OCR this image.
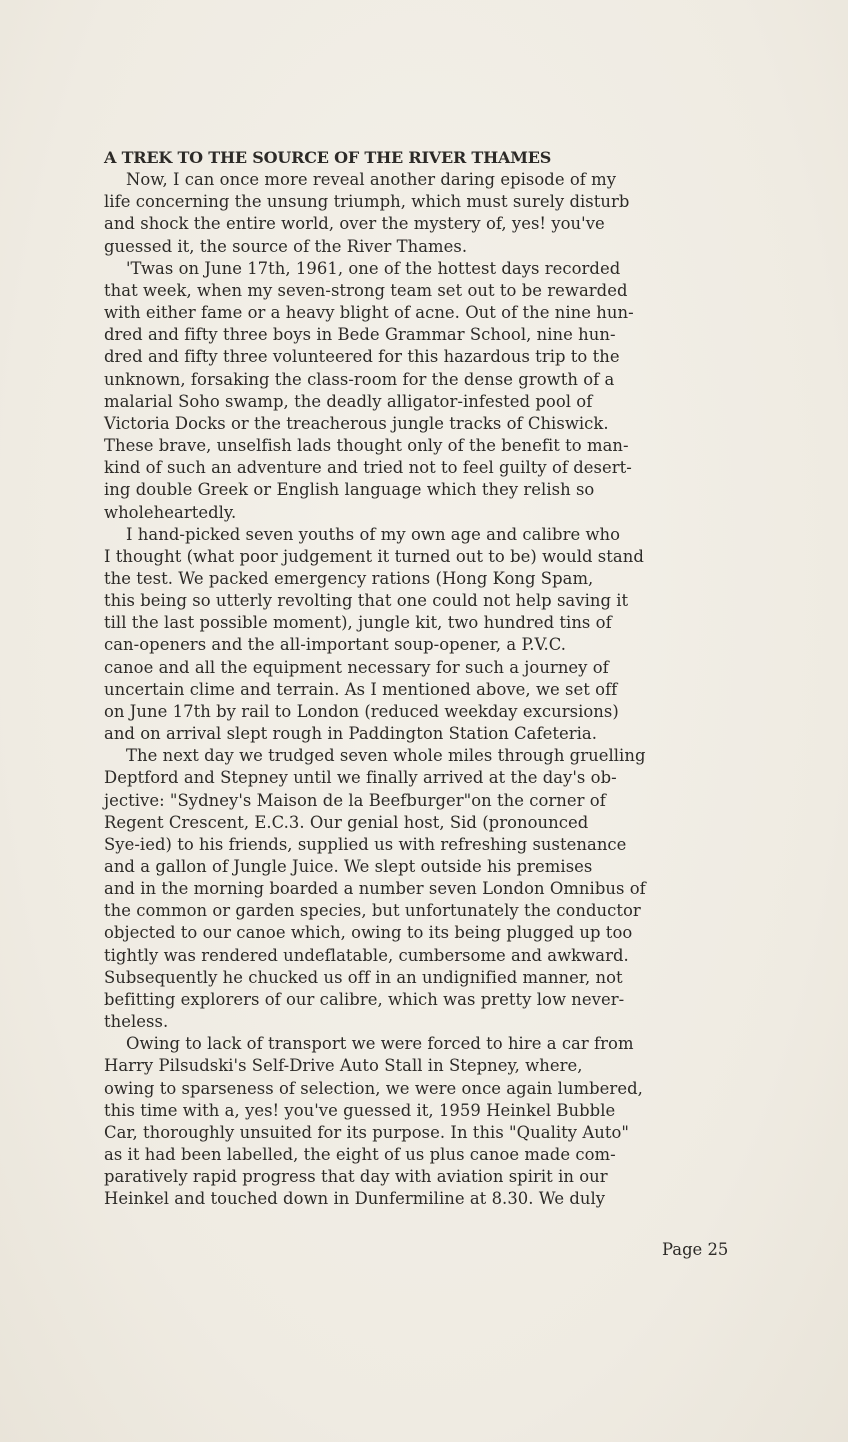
A TREK TO THE SOURCE OF THE RIVER THAMES

Now, I can once more reveal another daring episode of my
life concerning the unsung triumph, which must surely disturb
and shock the entire world, over the mystery of, yes! you've
guessed it, the source of the River Thames.
'Twas on June 17th, 1961, one of the hottest days recorded
that week, when my seven-strong team set out to be rewarded
with either fame or a heavy blight of acne. Out of the nine hun-
dred and fifty three boys in Bede Grammar School, nine hun-
dred and fifty three volunteered for this hazardous trip to the
unknown, forsaking the class-room for the dense growth of a
malarial Soho swamp, the deadly alligator-infested pool of
Victoria Docks or the treacherous jungle tracks of Chiswick.
These brave, unselfish lads thought only of the benefit to man-
kind of such an adventure and tried not to feel guilty of desert-
ing double Greek or English language which they relish so
wholeheartedly.
I hand-picked seven youths of my own age and calibre who
I thought (what poor judgement it turned out to be) would stand
the test. We packed emergency rations (Hong Kong Spam,
this being so utterly revolting that one could not help saving it
till the last possible moment), jungle kit, two hundred tins of
can-openers and the all-important soup-opener, a P.V.C.
canoe and all the equipment necessary for such a journey of
uncertain clime and terrain. As I mentioned above, we set off
on June 17th by rail to London (reduced weekday excursions)
and on arrival slept rough in Paddington Station Cafeteria.
The next day we trudged seven whole miles through gruelling
Deptford and Stepney until we finally arrived at the day's ob-
jective: "Sydney's Maison de la Beefburger"on the corner of
Regent Crescent, E.C.3. Our genial host, Sid (pronounced
Sye-ied) to his friends, supplied us with refreshing sustenance
and a gallon of Jungle Juice. We slept outside his premises
and in the morning boarded a number seven London Omnibus of
the common or garden species, but unfortunately the conductor
objected to our canoe which, owing to its being plugged up too
tightly was rendered undeflatable, cumbersome and awkward.
Subsequently he chucked us off in an undignified manner, not
befitting explorers of our calibre, which was pretty low never-
theless.
Owing to lack of transport we were forced to hire a car from
Harry Pilsudski's Self-Drive Auto Stall in Stepney, where,
owing to sparseness of selection, we were once again lumbered,
this time with a, yes! you've guessed it, 1959 Heinkel Bubble
Car, thoroughly unsuited for its purpose. In this "Quality Auto"
as it had been labelled, the eight of us plus canoe made com-
paratively rapid progress that day with aviation spirit in our
Heinkel and touched down in Dunfermiline at 8.30. We duly
Page 25
